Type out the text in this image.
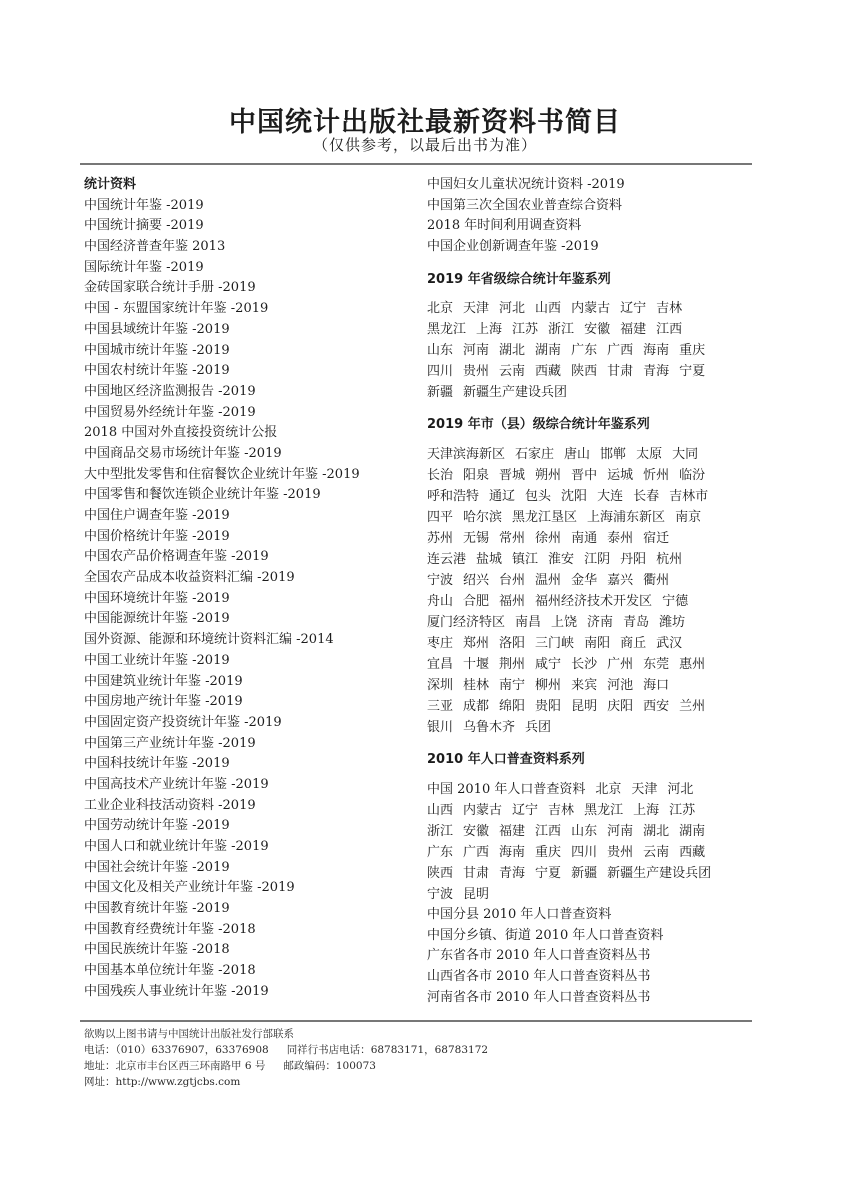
中国统计出版社最新资料书简目
（仅供参考，以最后出书为准）
统计资料
中国统计年鉴 -2019
中国统计摘要 -2019
中国经济普查年鉴 2013
国际统计年鉴 -2019
金砖国家联合统计手册 -2019
中国 - 东盟国家统计年鉴 -2019
中国县域统计年鉴 -2019
中国城市统计年鉴 -2019
中国农村统计年鉴 -2019
中国地区经济监测报告 -2019
中国贸易外经统计年鉴 -2019
2018 中国对外直接投资统计公报
中国商品交易市场统计年鉴 -2019
大中型批发零售和住宿餐饮企业统计年鉴 -2019
中国零售和餐饮连锁企业统计年鉴 -2019
中国住户调查年鉴 -2019
中国价格统计年鉴 -2019
中国农产品价格调查年鉴 -2019
全国农产品成本收益资料汇编 -2019
中国环境统计年鉴 -2019
中国能源统计年鉴 -2019
国外资源、能源和环境统计资料汇编 -2014
中国工业统计年鉴 -2019
中国建筑业统计年鉴 -2019
中国房地产统计年鉴 -2019
中国固定资产投资统计年鉴 -2019
中国第三产业统计年鉴 -2019
中国科技统计年鉴 -2019
中国高技术产业统计年鉴 -2019
工业企业科技活动资料 -2019
中国劳动统计年鉴 -2019
中国人口和就业统计年鉴 -2019
中国社会统计年鉴 -2019
中国文化及相关产业统计年鉴 -2019
中国教育统计年鉴 -2019
中国教育经费统计年鉴 -2018
中国民族统计年鉴 -2018
中国基本单位统计年鉴 -2018
中国残疾人事业统计年鉴 -2019
中国妇女儿童状况统计资料 -2019
中国第三次全国农业普查综合资料
2018 年时间利用调查资料
中国企业创新调查年鉴 -2019
2019 年省级综合统计年鉴系列
北京 天津 河北 山西 内蒙古 辽宁 吉林
黑龙江 上海 江苏 浙江 安徽 福建 江西
山东 河南 湖北 湖南 广东 广西 海南 重庆
四川 贵州 云南 西藏 陕西 甘肃 青海 宁夏
新疆 新疆生产建设兵团
2019 年市（县）级综合统计年鉴系列
天津滨海新区 石家庄 唐山 邯郸 太原 大同
长治 阳泉 晋城 朔州 晋中 运城 忻州 临汾
呼和浩特 通辽 包头 沈阳 大连 长春 吉林市
四平 哈尔滨 黑龙江垦区 上海浦东新区 南京
苏州 无锡 常州 徐州 南通 泰州 宿迁
连云港 盐城 镇江 淮安 江阴 丹阳 杭州
宁波 绍兴 台州 温州 金华 嘉兴 衢州
舟山 合肥 福州 福州经济技术开发区 宁德
厦门经济特区 南昌 上饶 济南 青岛 潍坊
枣庄 郑州 洛阳 三门峡 南阳 商丘 武汉
宜昌 十堰 荆州 咸宁 长沙 广州 东莞 惠州
深圳 桂林 南宁 柳州 来宾 河池 海口
三亚 成都 绵阳 贵阳 昆明 庆阳 西安 兰州
银川 乌鲁木齐 兵团
2010 年人口普查资料系列
中国 2010 年人口普查资料 北京 天津 河北
山西 内蒙古 辽宁 吉林 黑龙江 上海 江苏
浙江 安徽 福建 江西 山东 河南 湖北 湖南
广东 广西 海南 重庆 四川 贵州 云南 西藏
陕西 甘肃 青海 宁夏 新疆 新疆生产建设兵团
宁波 昆明
中国分县 2010 年人口普查资料
中国分乡镇、街道 2010 年人口普查资料
广东省各市 2010 年人口普查资料丛书
山西省各市 2010 年人口普查资料丛书
河南省各市 2010 年人口普查资料丛书
欲购以上图书请与中国统计出版社发行部联系
电话：（010）63376907，63376908 同祥行书店电话：68783171，68783172
地址：北京市丰台区西三环南路甲 6 号 邮政编码：100073
网址：http://www.zgtjcbs.com
